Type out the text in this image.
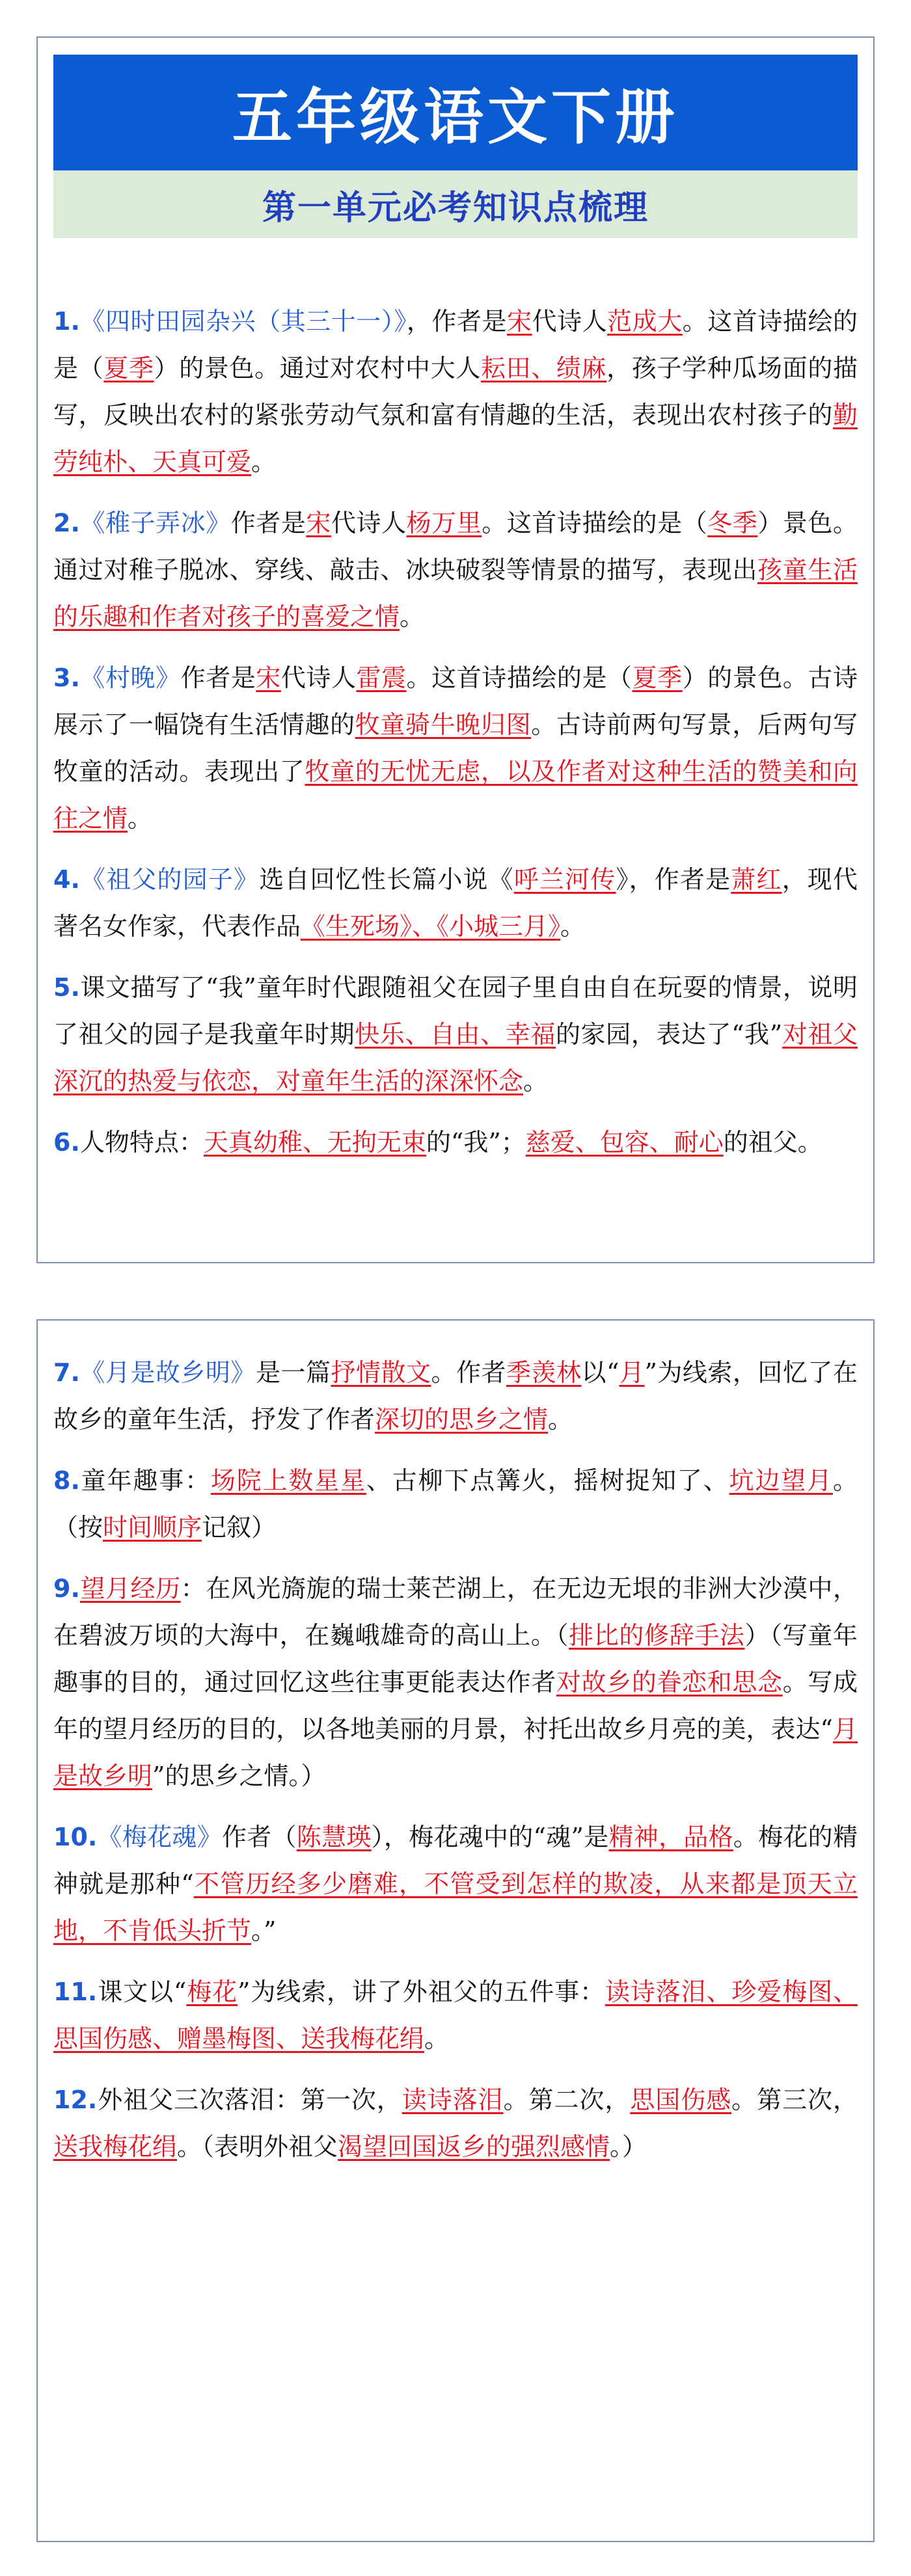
五年级语文下册
第一单元必考知识点梳理

1.《四时田园杂兴（其三十一）》，作者是宋代诗人范成大。这首诗描绘的是（夏季）的景色。通过对农村中大人耘田、绩麻，孩子学种瓜场面的描写，反映出农村的紧张劳动气氛和富有情趣的生活，表现出农村孩子的勤劳纯朴、天真可爱。

2.《稚子弄冰》作者是宋代诗人杨万里。这首诗描绘的是（冬季）景色。通过对稚子脱冰、穿线、敲击、冰块破裂等情景的描写，表现出孩童生活的乐趣和作者对孩子的喜爱之情。

3.《村晚》作者是宋代诗人雷震。这首诗描绘的是（夏季）的景色。古诗展示了一幅饶有生活情趣的牧童骑牛晚归图。古诗前两句写景，后两句写牧童的活动。表现出了牧童的无忧无虑，以及作者对这种生活的赞美和向往之情。

4.《祖父的园子》选自回忆性长篇小说《呼兰河传》，作者是萧红，现代著名女作家，代表作品《生死场》、《小城三月》。

5.课文描写了“我”童年时代跟随祖父在园子里自由自在玩耍的情景，说明了祖父的园子是我童年时期快乐、自由、幸福的家园，表达了“我”对祖父深沉的热爱与依恋，对童年生活的深深怀念。

6.人物特点：天真幼稚、无拘无束的“我”；慈爱、包容、耐心的祖父。

7.《月是故乡明》是一篇抒情散文。作者季羡林以“月”为线索，回忆了在故乡的童年生活，抒发了作者深切的思乡之情。

8.童年趣事：场院上数星星、古柳下点篝火，摇树捉知了、坑边望月。（按时间顺序记叙）

9.望月经历：在风光旖旎的瑞士莱芒湖上，在无边无垠的非洲大沙漠中，在碧波万顷的大海中，在巍峨雄奇的高山上。（排比的修辞手法）（写童年趣事的目的，通过回忆这些往事更能表达作者对故乡的眷恋和思念。写成年的望月经历的目的，以各地美丽的月景，衬托出故乡月亮的美，表达“月是故乡明”的思乡之情。）

10.《梅花魂》作者（陈慧瑛），梅花魂中的“魂”是精神，品格。梅花的精神就是那种“不管历经多少磨难，不管受到怎样的欺凌，从来都是顶天立地，不肯低头折节。”

11.课文以“梅花”为线索，讲了外祖父的五件事：读诗落泪、珍爱梅图、思国伤感、赠墨梅图、送我梅花绢。

12.外祖父三次落泪：第一次，读诗落泪。第二次，思国伤感。第三次，送我梅花绢。（表明外祖父渴望回国返乡的强烈感情。）
